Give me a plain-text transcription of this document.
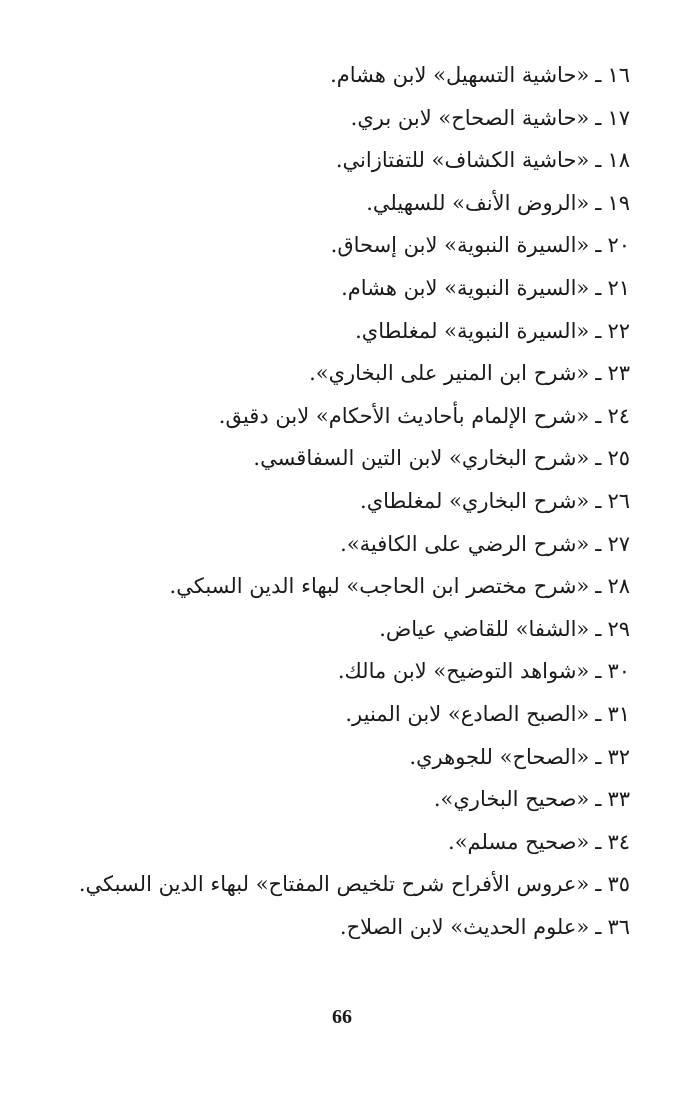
١٦ـ«حاشية التسهيل» لابن هشام.
١٧ـ«حاشية الصحاح» لابن بري.
١٨ـ«حاشية الكشاف» للتفتازاني.
١٩ـ«الروض الأنف» للسهيلي.
٢٠ـ«السيرة النبوية» لابن إسحاق.
٢١ـ«السيرة النبوية» لابن هشام.
٢٢ـ«السيرة النبوية» لمغلطاي.
٢٣ـ«شرح ابن المنير على البخاري».
٢٤ـ«شرح الإلمام بأحاديث الأحكام» لابن دقيق.
٢٥ـ«شرح البخاري» لابن التين السفاقسي.
٢٦ـ«شرح البخاري» لمغلطاي.
٢٧ـ«شرح الرضي على الكافية».
٢٨ـ«شرح مختصر ابن الحاجب» لبهاء الدين السبكي.
٢٩ـ«الشفا» للقاضي عياض.
٣٠ـ«شواهد التوضيح» لابن مالك.
٣١ـ«الصبح الصادع» لابن المنير.
٣٢ـ«الصحاح» للجوهري.
٣٣ـ«صحيح البخاري».
٣٤ـ«صحيح مسلم».
٣٥ـ«عروس الأفراح شرح تلخيص المفتاح» لبهاء الدين السبكي.
٣٦ـ«علوم الحديث» لابن الصلاح.
66
